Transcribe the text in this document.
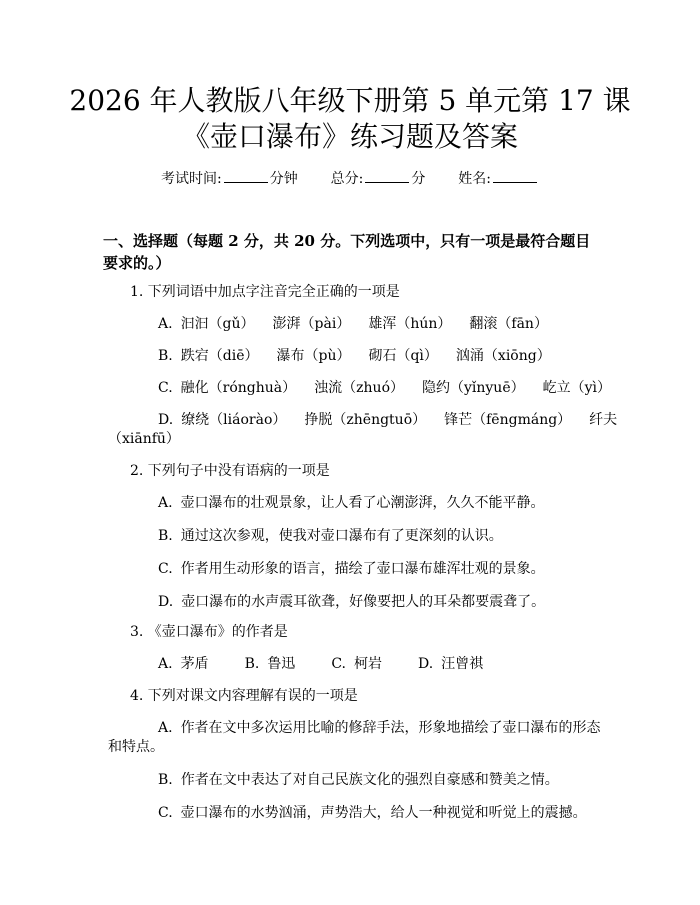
2026 年人教版八年级下册第 5 单元第 17 课
《壶口瀑布》练习题及答案
考试时间:	分钟 总分:	分 姓名:
一、选择题（每题 2 分，共 20 分。下列选项中，只有一项是最符合题目要求的。）
1. 下列词语中加点字注音完全正确的一项是
A. 汩汩（gǔ） 澎湃（pài） 雄浑（hún） 翻滚（fān）
B. 跌宕（diē） 瀑布（pù） 砌石（qì） 汹涌（xiōng）
C. 融化（rónghuà） 浊流（zhuó） 隐约（yǐnyuē） 屹立（yì）
D. 缭绕（liáorào） 挣脱（zhēngtuō） 锋芒（fēngmáng） 纤夫
（xiānfū）
2. 下列句子中没有语病的一项是
A. 壶口瀑布的壮观景象，让人看了心潮澎湃，久久不能平静。
B. 通过这次参观，使我对壶口瀑布有了更深刻的认识。
C. 作者用生动形象的语言，描绘了壶口瀑布雄浑壮观的景象。
D. 壶口瀑布的水声震耳欲聋，好像要把人的耳朵都要震聋了。
3. 《壶口瀑布》的作者是
A. 茅盾	B. 鲁迅	C. 柯岩	D. 汪曾祺
4. 下列对课文内容理解有误的一项是
A. 作者在文中多次运用比喻的修辞手法，形象地描绘了壶口瀑布的形态
和特点。
B. 作者在文中表达了对自己民族文化的强烈自豪感和赞美之情。
C. 壶口瀑布的水势汹涌，声势浩大，给人一种视觉和听觉上的震撼。
